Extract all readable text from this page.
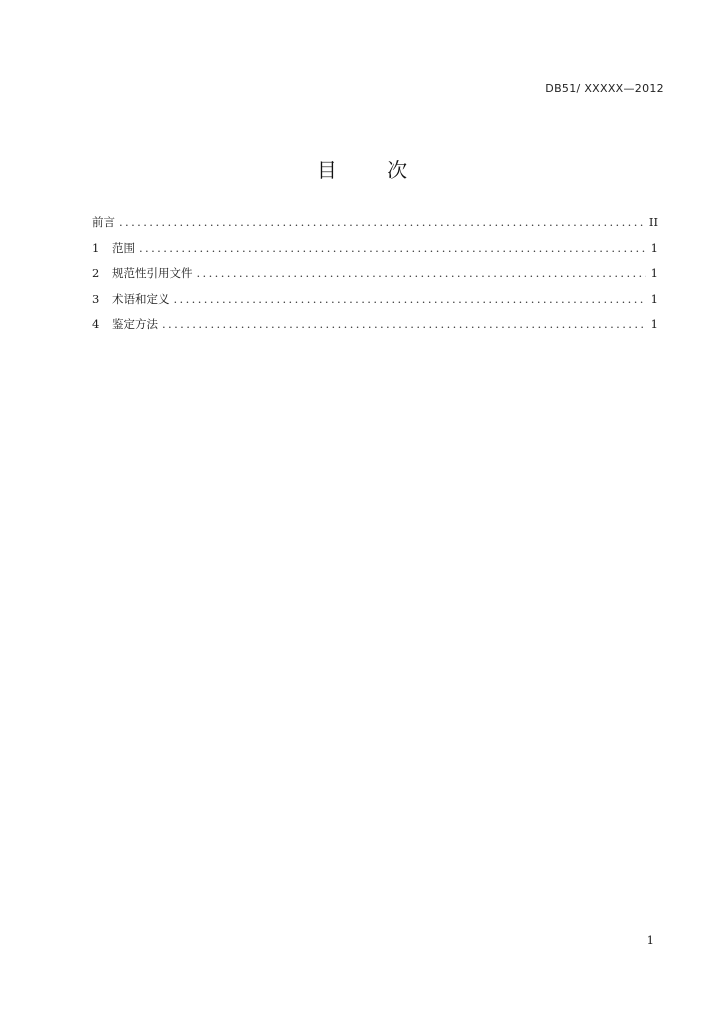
DB51/ XXXXX—2012
目	次
前言 .....	II
1 范围 .....	1
2 规范性引用文件 .....	1
3 术语和定义 .....	1
4 鉴定方法 .....	1
1
